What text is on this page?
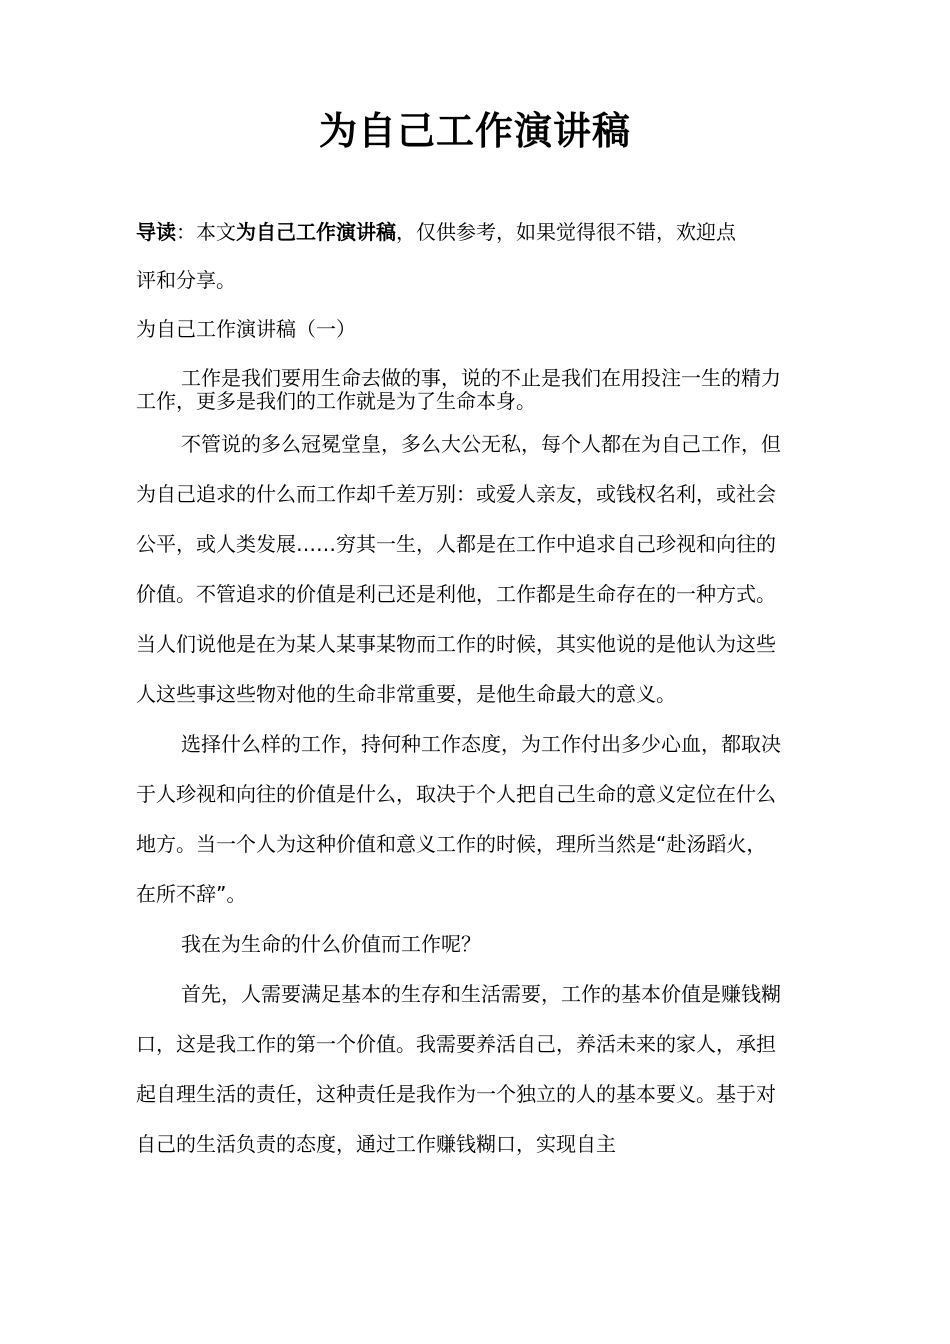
为自己工作演讲稿
导读：本文为自己工作演讲稿，仅供参考，如果觉得很不错，欢迎点
评和分享。
为自己工作演讲稿（一）
工作是我们要用生命去做的事，说的不止是我们在用投注一生的精力
工作，更多是我们的工作就是为了生命本身。
不管说的多么冠冕堂皇，多么大公无私，每个人都在为自己工作，但
为自己追求的什么而工作却千差万别：或爱人亲友，或钱权名利，或社会
公平，或人类发展……穷其一生，人都是在工作中追求自己珍视和向往的
价值。不管追求的价值是利己还是利他，工作都是生命存在的一种方式。
当人们说他是在为某人某事某物而工作的时候，其实他说的是他认为这些
人这些事这些物对他的生命非常重要，是他生命最大的意义。
选择什么样的工作，持何种工作态度，为工作付出多少心血，都取决
于人珍视和向往的价值是什么，取决于个人把自己生命的意义定位在什么
地方。当一个人为这种价值和意义工作的时候，理所当然是“赴汤蹈火，
在所不辞”。
我在为生命的什么价值而工作呢？
首先，人需要满足基本的生存和生活需要，工作的基本价值是赚钱糊
口，这是我工作的第一个价值。我需要养活自己，养活未来的家人，承担
起自理生活的责任，这种责任是我作为一个独立的人的基本要义。基于对
自己的生活负责的态度，通过工作赚钱糊口，实现自主
